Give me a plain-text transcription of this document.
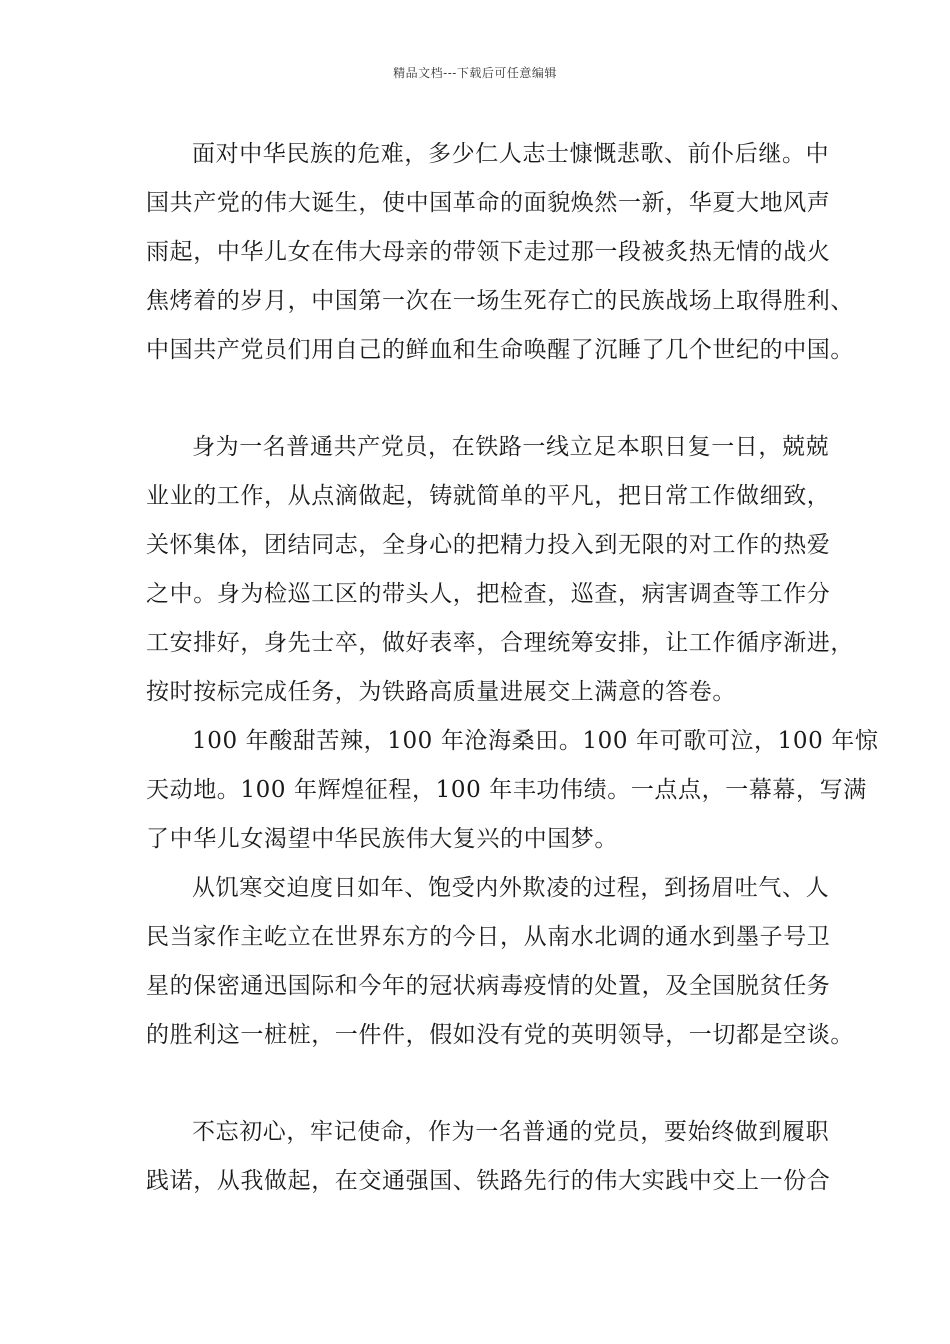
精品文档---下载后可任意编辑
面对中华民族的危难，多少仁人志士慷慨悲歌、前仆后继。中
国共产党的伟大诞生，使中国革命的面貌焕然一新，华夏大地风声
雨起，中华儿女在伟大母亲的带领下走过那一段被炙热无情的战火
焦烤着的岁月，中国第一次在一场生死存亡的民族战场上取得胜利、
中国共产党员们用自己的鲜血和生命唤醒了沉睡了几个世纪的中国。
身为一名普通共产党员，在铁路一线立足本职日复一日，兢兢
业业的工作，从点滴做起，铸就简单的平凡，把日常工作做细致，
关怀集体，团结同志，全身心的把精力投入到无限的对工作的热爱
之中。身为检巡工区的带头人，把检查，巡查，病害调查等工作分
工安排好，身先士卒，做好表率，合理统筹安排，让工作循序渐进，
按时按标完成任务，为铁路高质量进展交上满意的答卷。
100 年酸甜苦辣，100 年沧海桑田。100 年可歌可泣，100 年惊
天动地。100 年辉煌征程，100 年丰功伟绩。一点点，一幕幕，写满
了中华儿女渴望中华民族伟大复兴的中国梦。
从饥寒交迫度日如年、饱受内外欺凌的过程，到扬眉吐气、人
民当家作主屹立在世界东方的今日，从南水北调的通水到墨子号卫
星的保密通迅国际和今年的冠状病毒疫情的处置，及全国脱贫任务
的胜利这一桩桩，一件件，假如没有党的英明领导，一切都是空谈。
不忘初心，牢记使命，作为一名普通的党员，要始终做到履职
践诺，从我做起，在交通强国、铁路先行的伟大实践中交上一份合
